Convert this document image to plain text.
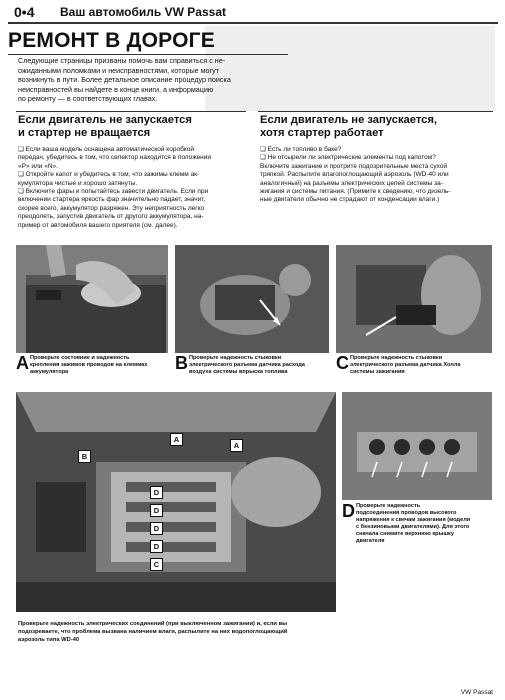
0•4 Ваш автомобиль VW Passat
РЕМОНТ В ДОРОГЕ
Следующие страницы призваны помочь вам справиться с не-
ожиданными поломками и неисправностями, которые могут
возникнуть в пути. Более детальное описание процедур поиска
неисправностей вы найдете в конце книги, а информацию
по ремонту — в соответствующих главах.
Если двигатель не запускается
и стартер не вращается
❏ Если ваша модель оснащена автоматической коробкой
передач, убедитесь в том, что селектор находится в положении
«P» или «N».
❏ Откройте капот и убедитесь в том, что зажимы клемм ак-
кумулятора чистые и хорошо затянуты.
❏ Включите фары и попытайтесь завести двигатель. Если при
включении стартера яркость фар значительно падает, значит,
скорее всего, аккумулятор разряжен. Эту неприятность легко
преодолеть, запустив двигатель от другого аккумулятора, на-
пример от автомобиля вашего приятеля (см. далее).
Если двигатель не запускается,
хотя стартер работает
❏ Есть ли топливо в баке?
❏ Не отсырели ли электрические элементы под капотом?
Включите зажигание и протрите подозрительные места сухой
тряпкой. Распылите влагопоглощающий аэрозоль (WD-40 или
аналогичный) на разъемы электрических цепей системы за-
жигания и системы питания. (Примите к сведению, что дизель-
ные двигатели обычно не страдают от конденсации влаги.)
A Проверьте состояние и надежность
крепления зажимов проводов на клеммах
аккумулятора	B Проверьте надежность стыковки
электрического разъема датчика расхода
воздуха системы впрыска топлива	C Проверьте надежность стыковки
электрического разъема датчика Холла
системы зажигания
A
A
B
D
D
D
D
C
D Проверьте надежность
подсоединения проводов высокого
напряжения к свечам зажигания (модели
с бензиновыми двигателями). Для этого
сначала снимите верхнюю крышку
двигателя
Проверьте надежность электрических соединений (при выключенном зажигании) и, если вы
подозреваете, что проблема вызвана наличием влаги, распылите на них водопоглощающий
аэрозоль типа WD-40
VW Passat
